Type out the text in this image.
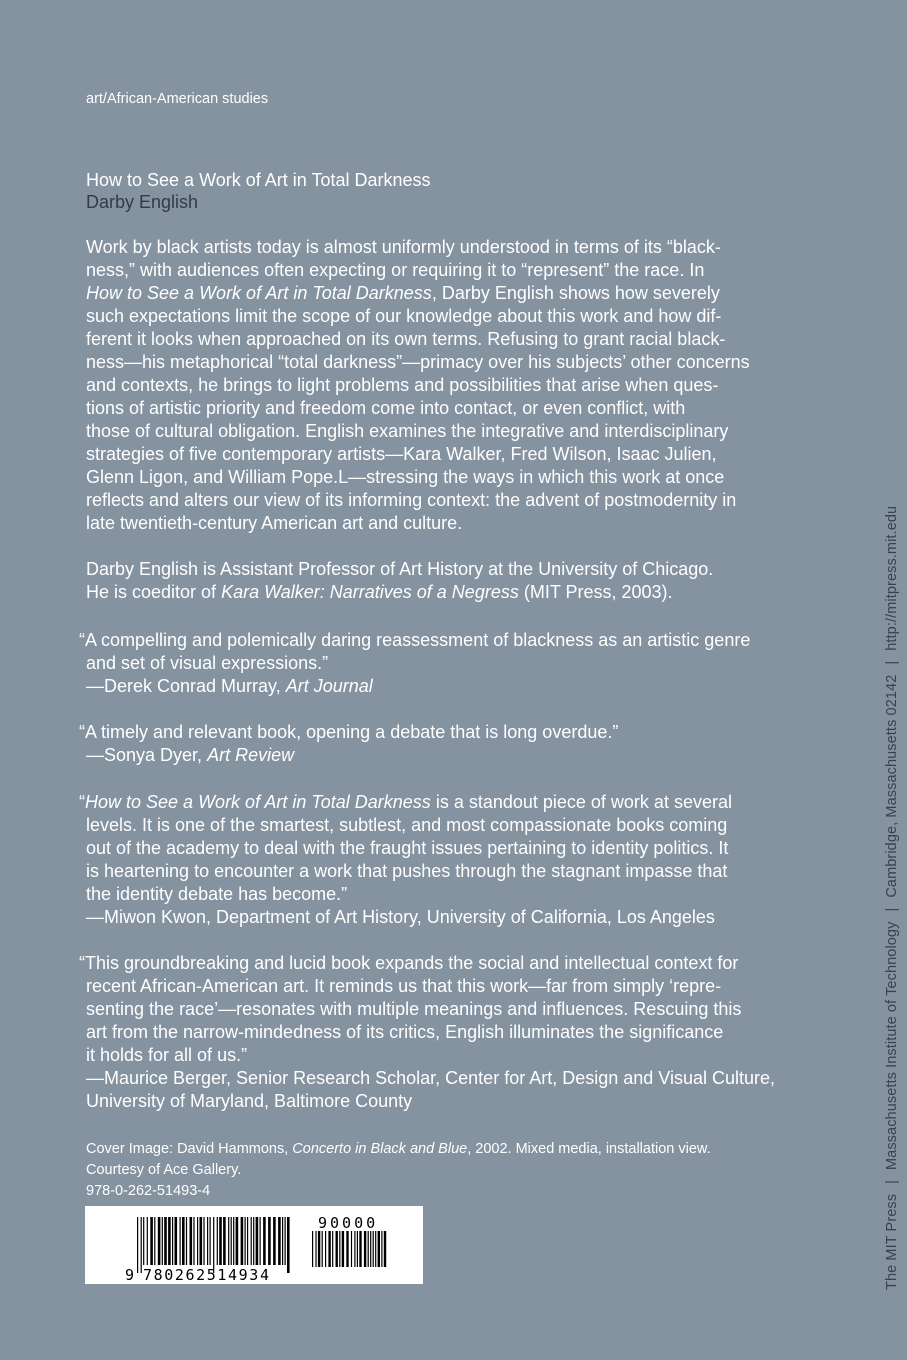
art/African-American studies
How to See a Work of Art in Total Darkness
Darby English
Work by black artists today is almost uniformly understood in terms of its “black-
ness,” with audiences often expecting or requiring it to “represent” the race. In
How to See a Work of Art in Total Darkness, Darby English shows how severely
such expectations limit the scope of our knowledge about this work and how dif-
ferent it looks when approached on its own terms. Refusing to grant racial black-
ness—his metaphorical “total darkness”—primacy over his subjects’ other concerns
and contexts, he brings to light problems and possibilities that arise when ques-
tions of artistic priority and freedom come into contact, or even conflict, with
those of cultural obligation. English examines the integrative and interdisciplinary
strategies of five contemporary artists—Kara Walker, Fred Wilson, Isaac Julien,
Glenn Ligon, and William Pope.L—stressing the ways in which this work at once
reflects and alters our view of its informing context: the advent of postmodernity in
late twentieth-century American art and culture.
Darby English is Assistant Professor of Art History at the University of Chicago.
He is coeditor of Kara Walker: Narratives of a Negress (MIT Press, 2003).
“A compelling and polemically daring reassessment of blackness as an artistic genre
and set of visual expressions.”
—Derek Conrad Murray, Art Journal
“A timely and relevant book, opening a debate that is long overdue.”
—Sonya Dyer, Art Review
“How to See a Work of Art in Total Darkness is a standout piece of work at several
levels. It is one of the smartest, subtlest, and most compassionate books coming
out of the academy to deal with the fraught issues pertaining to identity politics. It
is heartening to encounter a work that pushes through the stagnant impasse that
the identity debate has become.”
—Miwon Kwon, Department of Art History, University of California, Los Angeles
“This groundbreaking and lucid book expands the social and intellectual context for
recent African-American art. It reminds us that this work—far from simply ‘repre-
senting the race’—resonates with multiple meanings and influences. Rescuing this
art from the narrow-mindedness of its critics, English illuminates the significance
it holds for all of us.”
—Maurice Berger, Senior Research Scholar, Center for Art, Design and Visual Culture,
University of Maryland, Baltimore County
Cover Image: David Hammons, Concerto in Black and Blue, 2002. Mixed media, installation view.
Courtesy of Ace Gallery.
978-0-262-51493-4
9 780262514934
90000	The MIT Press|Massachusetts Institute of Technology|Cambridge, Massachusetts 02142|http://mitpress.mit.edu
